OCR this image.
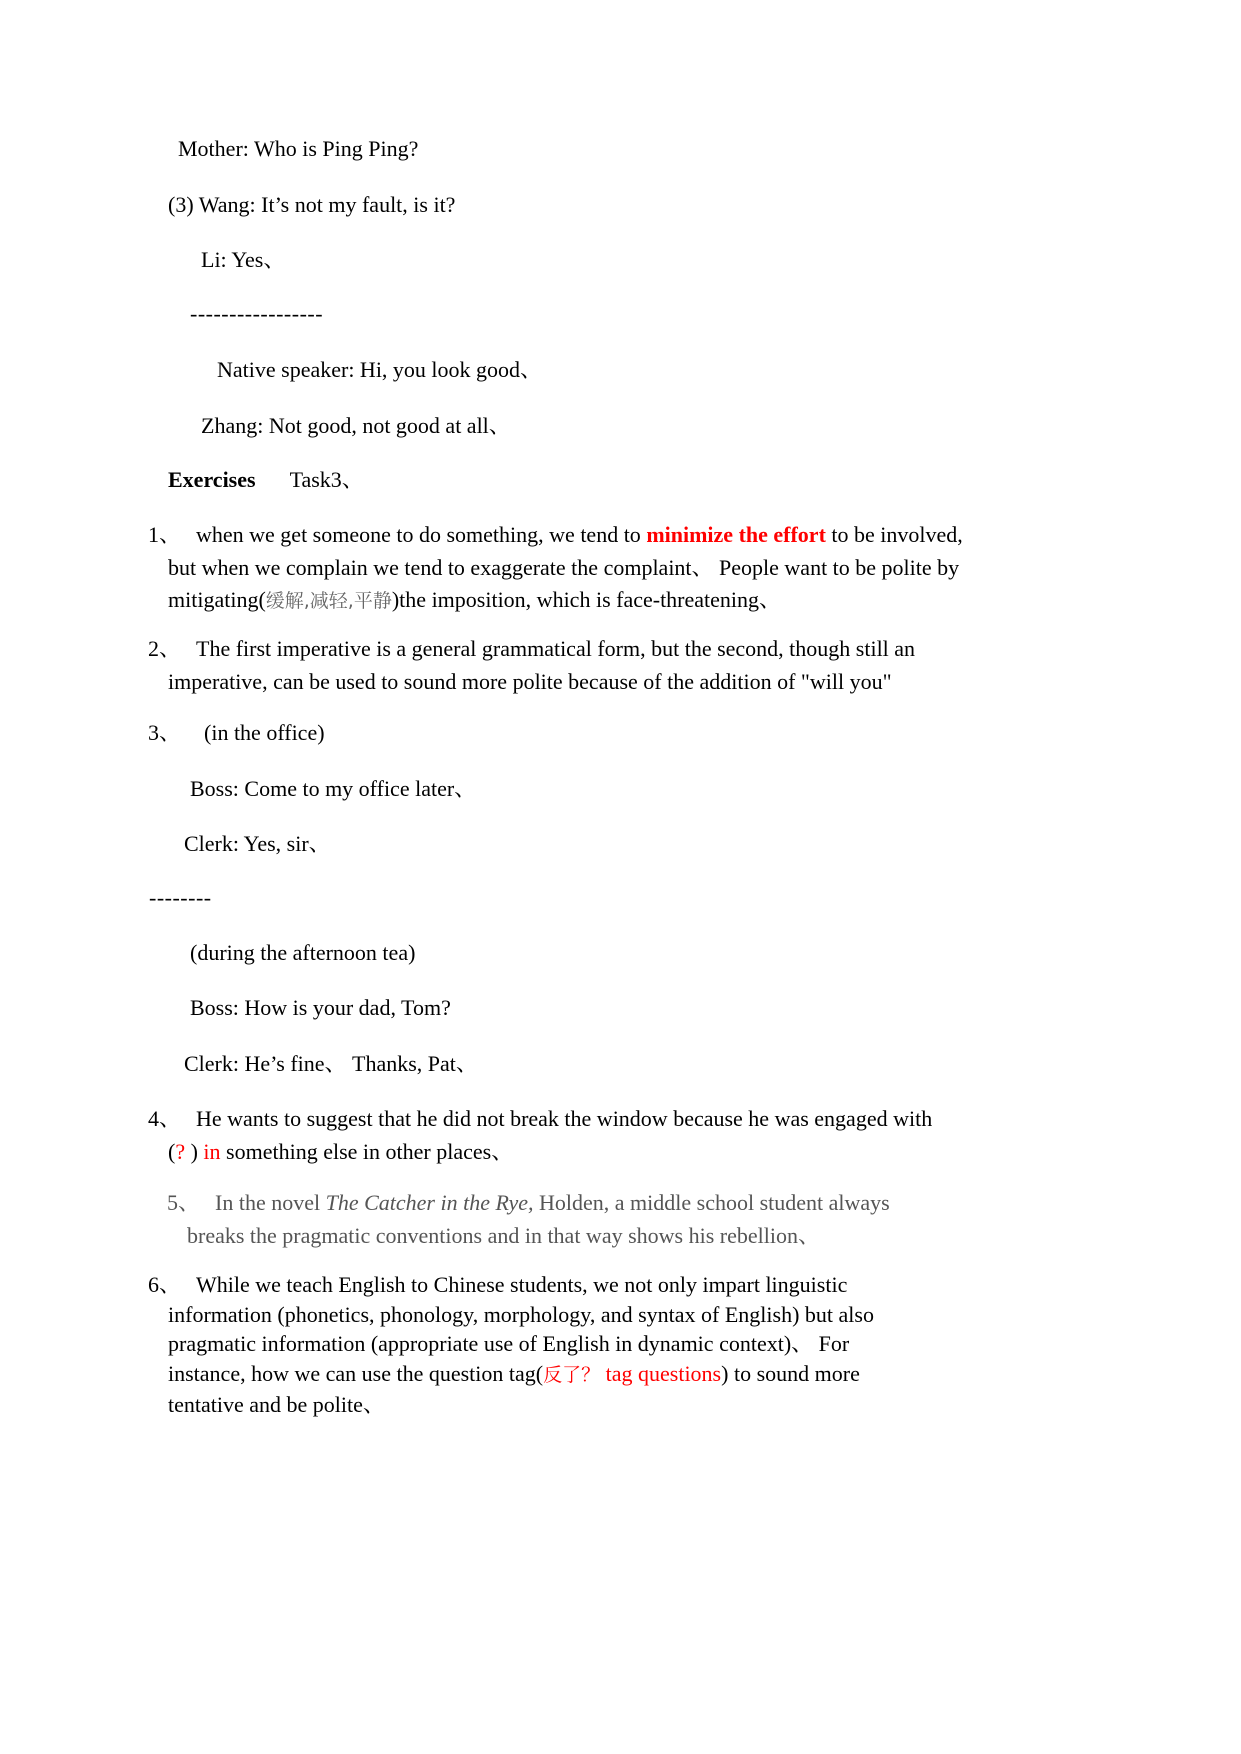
Mother: Who is Ping Ping?
(3) Wang: It’s not my fault, is it?
Li: Yes、
-----------------
Native speaker: Hi, you look good、
Zhang: Not good, not good at all、
Exercises Task3、
1、 when we get someone to do something, we tend to minimize the effort to be involved, but when we complain we tend to exaggerate the complaint、 People want to be polite by mitigating(缓解,减轻,平静)the imposition, which is face-threatening、
2、 The first imperative is a general grammatical form, but the second, though still an imperative, can be used to sound more polite because of the addition of "will you"
3、 (in the office)
Boss: Come to my office later、
Clerk: Yes, sir、
--------
(during the afternoon tea)
Boss: How is your dad, Tom?
Clerk: He’s fine、 Thanks, Pat、
4、 He wants to suggest that he did not break the window because he was engaged with (? ) in something else in other places、
5、 In the novel The Catcher in the Rye, Holden, a middle school student always breaks the pragmatic conventions and in that way shows his rebellion、
6、 While we teach English to Chinese students, we not only impart linguistic information (phonetics, phonology, morphology, and syntax of English) but also pragmatic information (appropriate use of English in dynamic context)、 For instance, how we can use the question tag(反了？ tag questions) to sound more tentative and be polite、
